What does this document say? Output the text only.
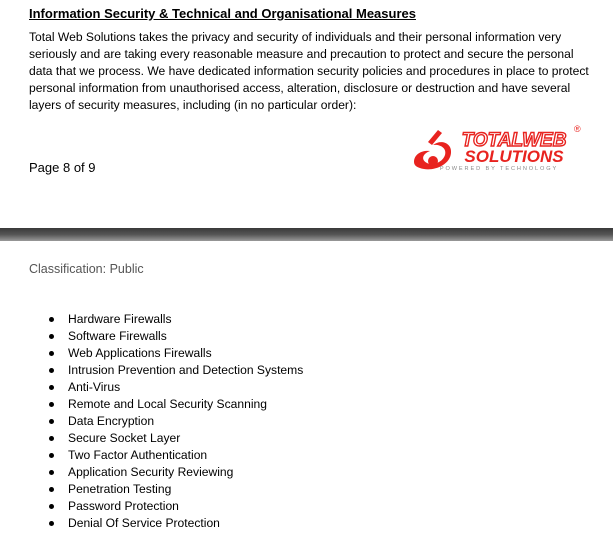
Information Security & Technical and Organisational Measures
Total Web Solutions takes the privacy and security of individuals and their personal information very seriously and are taking every reasonable measure and precaution to protect and secure the personal data that we process. We have dedicated information security policies and procedures in place to protect personal information from unauthorised access, alteration, disclosure or destruction and have several layers of security measures, including (in no particular order):
Page 8 of 9
TOTALWEB
SOLUTIONS
®
POWERED BY TECHNOLOGY
Classification: Public
Hardware Firewalls
Software Firewalls
Web Applications Firewalls
Intrusion Prevention and Detection Systems
Anti-Virus
Remote and Local Security Scanning
Data Encryption
Secure Socket Layer
Two Factor Authentication
Application Security Reviewing
Penetration Testing
Password Protection
Denial Of Service Protection
